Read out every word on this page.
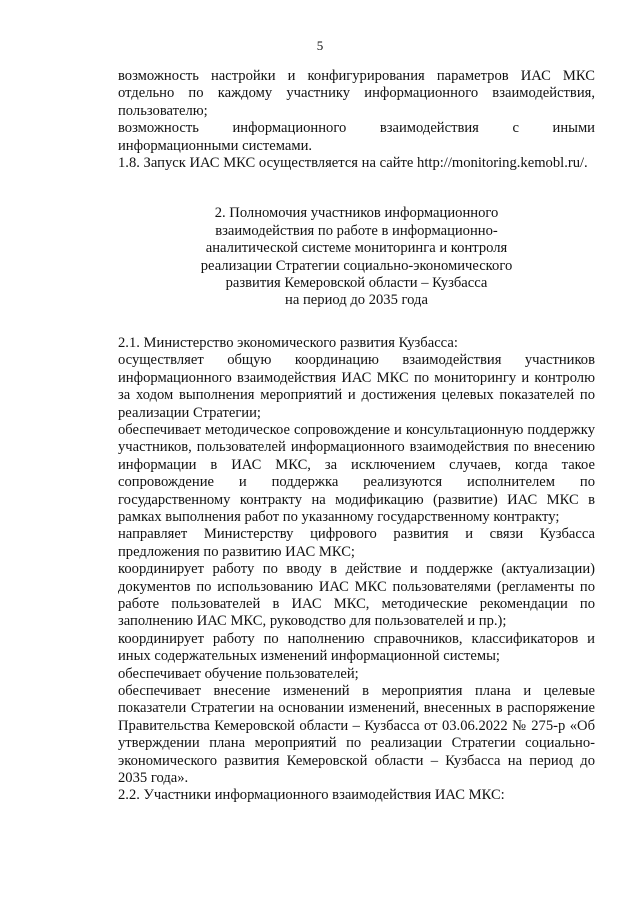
5

возможность настройки и конфигурирования параметров ИАС МКС отдельно по каждому участнику информационного взаимодействия, пользователю;

возможность информационного взаимодействия с иными информационными системами.

1.8. Запуск ИАС МКС осуществляется на сайте http://monitoring.kemobl.ru/.

2. Полномочия участников информационного
взаимодействия по работе в информационно-
аналитической системе мониторинга и контроля
реализации Стратегии социально-экономического
развития Кемеровской области – Кузбасса
на период до 2035 года

2.1. Министерство экономического развития Кузбасса:

осуществляет общую координацию взаимодействия участников информационного взаимодействия ИАС МКС по мониторингу и контролю за ходом выполнения мероприятий и достижения целевых показателей по реализации Стратегии;

обеспечивает методическое сопровождение и консультационную поддержку участников, пользователей информационного взаимодействия по внесению информации в ИАС МКС, за исключением случаев, когда такое сопровождение и поддержка реализуются исполнителем по государственному контракту на модификацию (развитие) ИАС МКС в рамках выполнения работ по указанному государственному контракту;

направляет Министерству цифрового развития и связи Кузбасса предложения по развитию ИАС МКС;

координирует работу по вводу в действие и поддержке (актуализации) документов по использованию ИАС МКС пользователями (регламенты по работе пользователей в ИАС МКС, методические рекомендации по заполнению ИАС МКС, руководство для пользователей и пр.);

координирует работу по наполнению справочников, классификаторов и иных содержательных изменений информационной системы;

обеспечивает обучение пользователей;

обеспечивает внесение изменений в мероприятия плана и целевые показатели Стратегии на основании изменений, внесенных в распоряжение Правительства Кемеровской области – Кузбасса от 03.06.2022 № 275-р «Об утверждении плана мероприятий по реализации Стратегии социально-экономического развития Кемеровской области – Кузбасса на период до 2035 года».

2.2. Участники информационного взаимодействия ИАС МКС:
